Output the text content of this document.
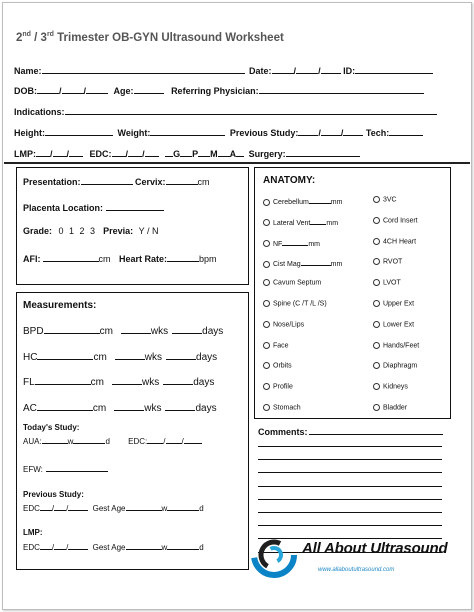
2nd / 3rd Trimester OB-GYN Ultrasound Worksheet
Name:	Date: / /	ID:
DOB: / /	Age:	Referring Physician:
Indications:
Height:	Weight:	Previous Study: / /	Tech:
LMP: / / EDC: / /	G P M A Surgery:
Presentation:	Cervix:	cm
Placenta Location:
Grade: 0 1 2 3 Previa: Y / N
AFI:	cm Heart Rate:	bpm
ANATOMY:
Cerebellum	mm
Lateral Vent mm
NF	mm
Cist Mag	mm
Cavum Septum
Spine (C /T /L /S)
Nose/Lips
Face
Orbits
Profile
Stomach
3VC
Cord Insert
4CH Heart
RVOT
LVOT
Upper Ext
Lower Ext
Hands/Feet
Diaphragm
Kidneys
Bladder
Measurements:
BPD	cm	wks	days
HC	cm	wks	days
FL	cm	wks	days
AC	cm	wks	days
Today's Study:
AUA:	w	d EDC: / /
EFW:
Previous Study:
EDC / /	Gest Age	w	d
LMP:
EDC / /	Gest Age	w	d
Comments:
All About Ultrasound
www.allaboutultrasound.com
